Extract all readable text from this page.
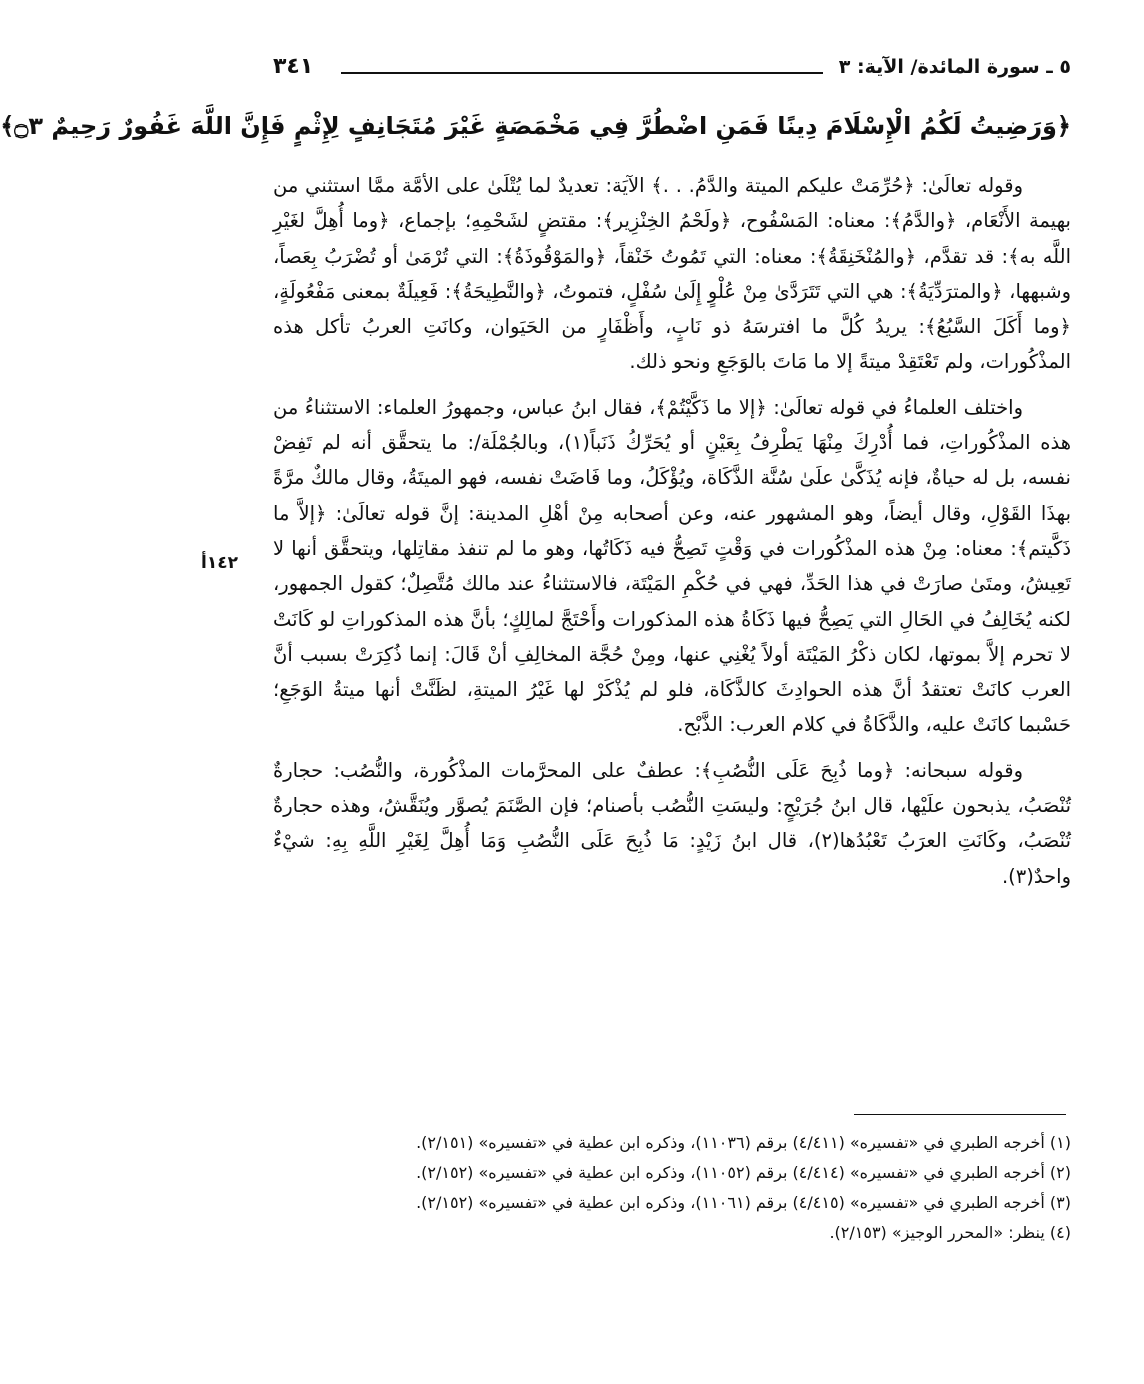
٥ ـ سورة المائدة/ الآية: ٣
٣٤١
﴿وَرَضِيتُ لَكُمُ الْإِسْلَامَ دِينًا فَمَنِ اضْطُرَّ فِي مَخْمَصَةٍ غَيْرَ مُتَجَانِفٍ لِإِثْمٍ فَإِنَّ اللَّهَ غَفُورٌ رَحِيمٌ ۝٣﴾
١٤٢أ

وقوله تعالَىٰ: ﴿حُرِّمَتْ عليكم الميتة والدَّمُ. . .﴾ الآيَة: تعديدٌ لما يُتْلَىٰ على الأمَّة ممَّا استثني من بهيمة الأَنْعَام، ﴿والدَّمُ﴾: معناه: المَسْفُوح، ﴿ولَحْمُ الخِنْزِير﴾: مقتضٍ لشَحْمِهِ؛ بإجماع، ﴿وما أُهِلَّ لغَيْرِ اللَّه به﴾: قد تقدَّم، ﴿والمُنْخَنِقَةُ﴾: معناه: التي تَمُوتُ خَنْقاً، ﴿والمَوْقُوذَةُ﴾: التي تُرْمَىٰ أو تُضْرَبُ بِعَصاً، وشبهها، ﴿والمترَدِّيَةُ﴾: هي التي تَتَرَدَّىٰ مِنْ عُلْوٍ إِلَىٰ سُفْلٍ، فتموتُ، ﴿والنَّطِيحَةُ﴾: فَعِيلَةٌ بمعنى مَفْعُولَةٍ، ﴿وما أَكَلَ السَّبُعُ﴾: يريدُ كُلَّ ما افترسَهُ ذو نَابٍ، وأَظْفَارٍ من الحَيَوان، وكانَتِ العربُ تأكل هذه المذْكُورات، ولم تَعْتَقِدْ ميتةً إلا ما مَاتَ بالوَجَعِ ونحو ذلك.

واختلف العلماءُ في قوله تعالَىٰ: ﴿إلا ما ذَكَّيْتُمْ﴾، فقال ابنُ عباس، وجمهورُ العلماء: الاستثناءُ من هذه المذْكُوراتِ، فما أُدْرِكَ مِنْهَا يَطْرِفُ بِعَيْنٍ أو يُحَرِّكُ ذَنَباً(١)، وبالجُمْلَة/: ما يتحقَّق أنه لم تَفِضْ نفسه، بل له حياةٌ، فإنه يُذَكَّىٰ علَىٰ سُنَّة الذَّكَاة، ويُؤْكَلُ، وما فَاضَتْ نفسه، فهو الميتَةُ، وقال مالكٌ مرَّةً بهذَا القَوْلِ، وقال أيضاً، وهو المشهور عنه، وعن أصحابه مِنْ أهْلِ المدينة: إنَّ قوله تعالَىٰ: ﴿إلاَّ ما ذَكَّيتم﴾: معناه: مِنْ هذه المذْكُورات في وَقْتٍ تَصِحُّ فيه ذَكَاتُها، وهو ما لم تنفذ مقاتِلها، ويتحقَّق أنها لا تَعِيشُ، ومتَىٰ صارَتْ في هذا الحَدِّ، فهي في حُكْمِ المَيْتَة، فالاستثناءُ عند مالك مُتَّصِلٌ؛ كقول الجمهور، لكنه يُخَالِفُ في الحَالِ التي يَصِحُّ فيها ذَكَاةُ هذه المذكورات وأَحْتَجَّ لمالِكٍ؛ بأنَّ هذه المذكوراتِ لو كَانَتْ لا تحرم إلاَّ بموتها، لكان ذكْرُ المَيْتَة أولاً يُغْنِي عنها، ومِنْ حُجَّة المخالِفِ أنْ قَالَ: إنما ذُكِرَتْ بسبب أنَّ العرب كانَتْ تعتقدُ أنَّ هذه الحوادِثَ كالذَّكَاة، فلو لم يُذْكَرْ لها غَيْرُ الميتةِ، لظَنَّتْ أنها ميتةُ الوَجَعِ؛ حَسْبما كانَتْ عليه، والذَّكَاةُ في كلام العرب: الذَّبْح.

وقوله سبحانه: ﴿وما ذُبِحَ عَلَى النُّصُبِ﴾: عطفٌ على المحرَّمات المذْكُورة، والنُّصُب: حجارةٌ تُنْصَبُ، يذبحون علَيْها، قال ابنُ جُرَيْجٍ: وليسَتِ النُّصُب بأصنام؛ فإن الصَّنَمَ يُصوَّر ويُنَقَّشُ، وهذه حجارةٌ تُنْصَبُ، وكَانَتِ العرَبُ تَعْبُدُها(٢)، قال ابنُ زَيْدٍ: مَا ذُبِحَ عَلَى النُّصُبِ وَمَا أُهِلَّ لِغَيْرِ اللَّهِ بِهِ: شيْءٌ واحدٌ(٣).

(١) أخرجه الطبري في «تفسيره» (٤/٤١١) برقم (١١٠٣٦)، وذكره ابن عطية في «تفسيره» (٢/١٥١).
(٢) أخرجه الطبري في «تفسيره» (٤/٤١٤) برقم (١١٠٥٢)، وذكره ابن عطية في «تفسيره» (٢/١٥٢).
(٣) أخرجه الطبري في «تفسيره» (٤/٤١٥) برقم (١١٠٦١)، وذكره ابن عطية في «تفسيره» (٢/١٥٢).
(٤) ينظر: «المحرر الوجيز» (٢/١٥٣).
